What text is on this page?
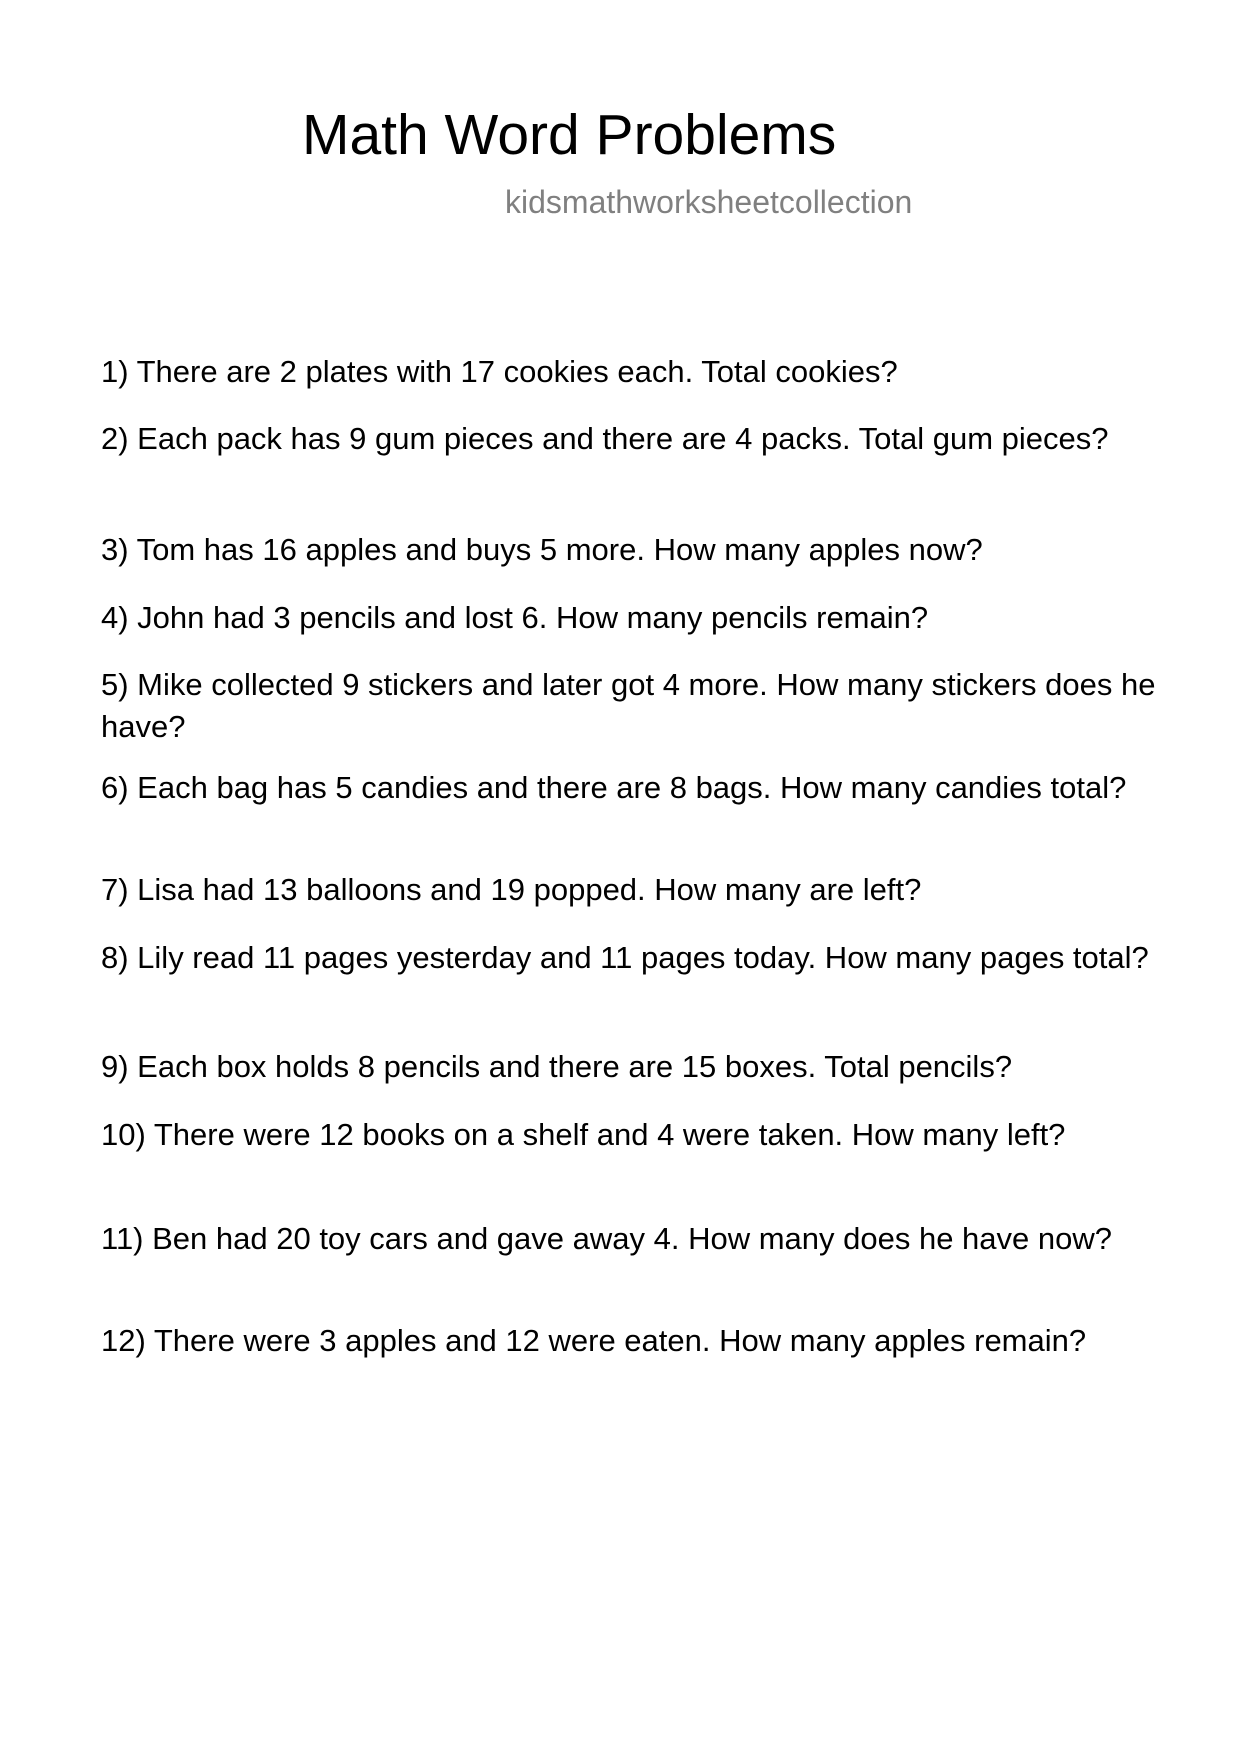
Math Word Problems
kidsmathworksheetcollection

1) There are 2 plates with 17 cookies each. Total cookies?

2) Each pack has 9 gum pieces and there are 4 packs. Total gum pieces?

3) Tom has 16 apples and buys 5 more. How many apples now?

4) John had 3 pencils and lost 6. How many pencils remain?

5) Mike collected 9 stickers and later got 4 more. How many stickers does he have?

6) Each bag has 5 candies and there are 8 bags. How many candies total?

7) Lisa had 13 balloons and 19 popped. How many are left?

8) Lily read 11 pages yesterday and 11 pages today. How many pages total?

9) Each box holds 8 pencils and there are 15 boxes. Total pencils?

10) There were 12 books on a shelf and 4 were taken. How many left?

11) Ben had 20 toy cars and gave away 4. How many does he have now?

12) There were 3 apples and 12 were eaten. How many apples remain?
